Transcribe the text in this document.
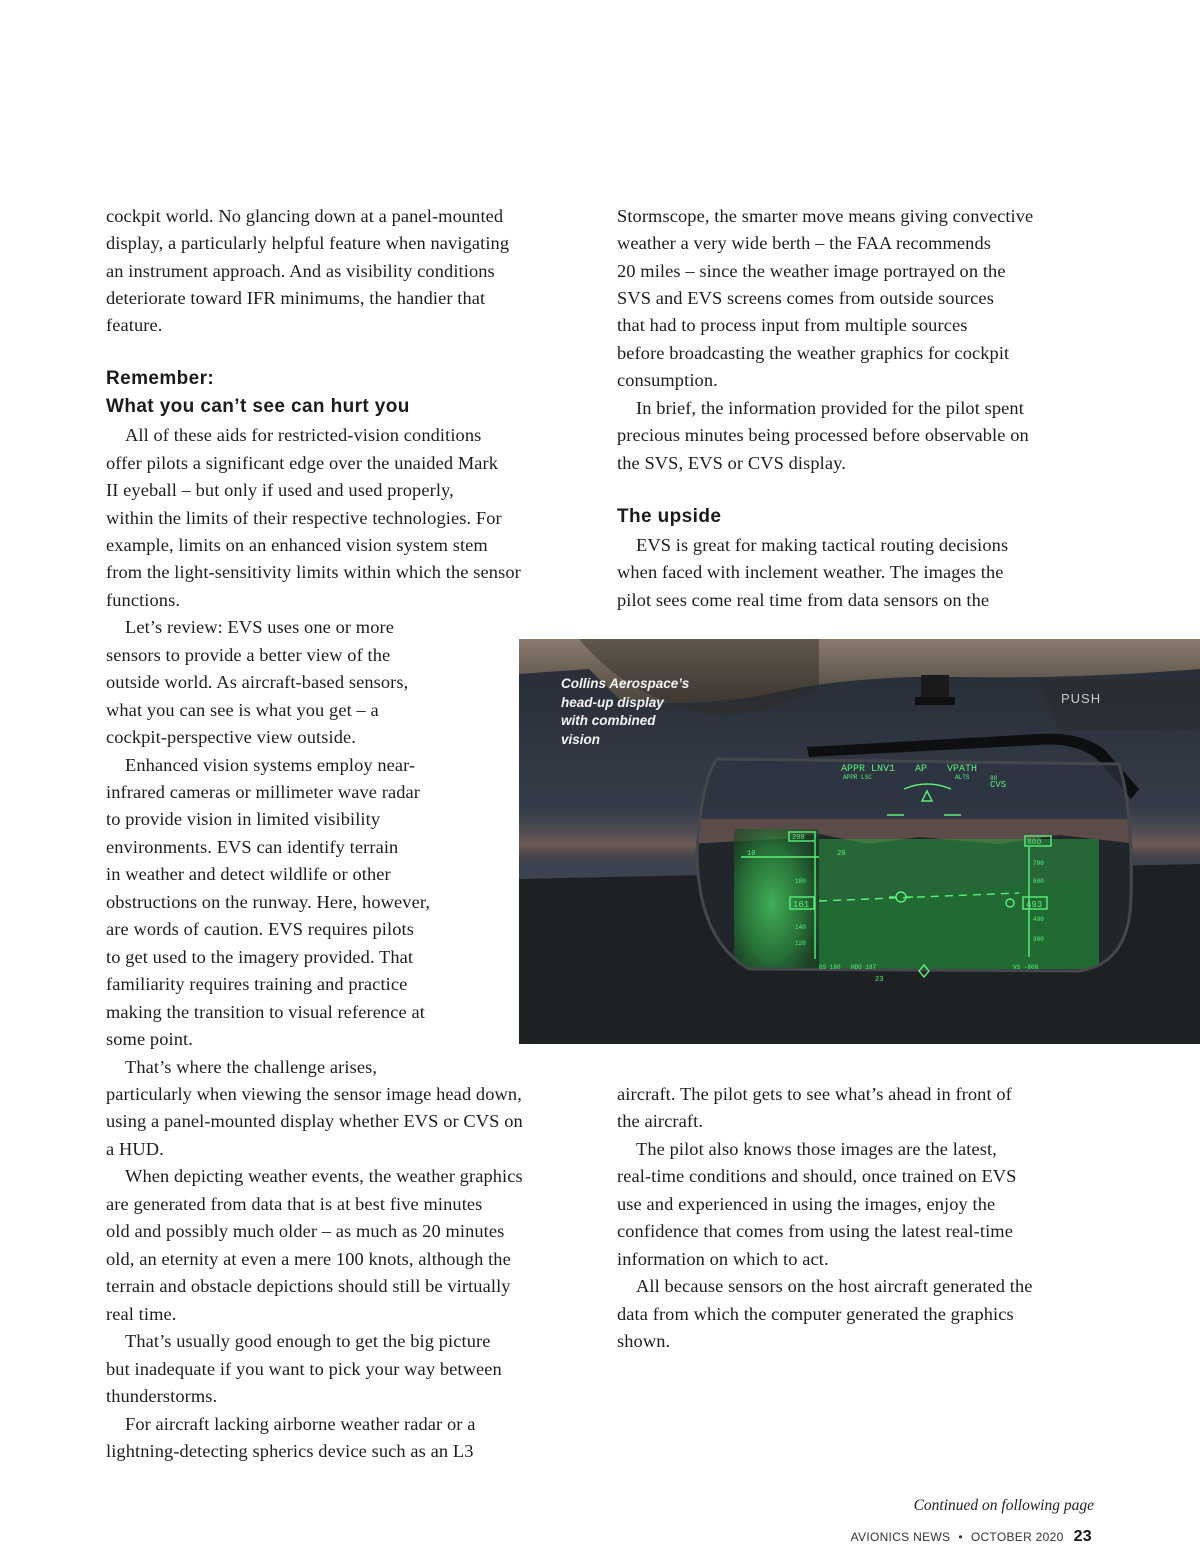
cockpit world. No glancing down at a panel-mounted
display, a particularly helpful feature when navigating
an instrument approach. And as visibility conditions
deteriorate toward IFR minimums, the handier that
feature.
Remember:
What you can’t see can hurt you
All of these aids for restricted-vision conditions
offer pilots a significant edge over the unaided Mark
II eyeball – but only if used and used properly,
within the limits of their respective technologies. For
example, limits on an enhanced vision system stem
from the light-sensitivity limits within which the sensor
functions.
Let’s review: EVS uses one or more
sensors to provide a better view of the
outside world. As aircraft-based sensors,
what you can see is what you get – a
cockpit-perspective view outside.
Enhanced vision systems employ near-
infrared cameras or millimeter wave radar
to provide vision in limited visibility
environments. EVS can identify terrain
in weather and detect wildlife or other
obstructions on the runway. Here, however,
are words of caution. EVS requires pilots
to get used to the imagery provided. That
familiarity requires training and practice
making the transition to visual reference at
some point.
That’s where the challenge arises,
particularly when viewing the sensor image head down,
using a panel-mounted display whether EVS or CVS on
a HUD.
When depicting weather events, the weather graphics
are generated from data that is at best five minutes
old and possibly much older – as much as 20 minutes
old, an eternity at even a mere 100 knots, although the
terrain and obstacle depictions should still be virtually
real time.
That’s usually good enough to get the big picture
but inadequate if you want to pick your way between
thunderstorms.
For aircraft lacking airborne weather radar or a
lightning-detecting spherics device such as an L3
Stormscope, the smarter move means giving convective
weather a very wide berth – the FAA recommends
20 miles – since the weather image portrayed on the
SVS and EVS screens comes from outside sources
that had to process input from multiple sources
before broadcasting the weather graphics for cockpit
consumption.
In brief, the information provided for the pilot spent
precious minutes being processed before observable on
the SVS, EVS or CVS display.
The upside
EVS is great for making tactical routing decisions
when faced with inclement weather. The images the
pilot sees come real time from data sensors on the
PUSH
APPR LNV1
APPR LSC
AP VPATH
ALTS	88
CVS
200
161
180
140
120
10	20
800
700
600
493
400
300
GS 180 HDG 187	VS -800
23
Collins Aerospace’s
head-up display
with combined
vision
aircraft. The pilot gets to see what’s ahead in front of
the aircraft.
The pilot also knows those images are the latest,
real-time conditions and should, once trained on EVS
use and experienced in using the images, enjoy the
confidence that comes from using the latest real-time
information on which to act.
All because sensors on the host aircraft generated the
data from which the computer generated the graphics
shown.
Continued on following page
AVIONICS NEWS • OCTOBER 2020 23
